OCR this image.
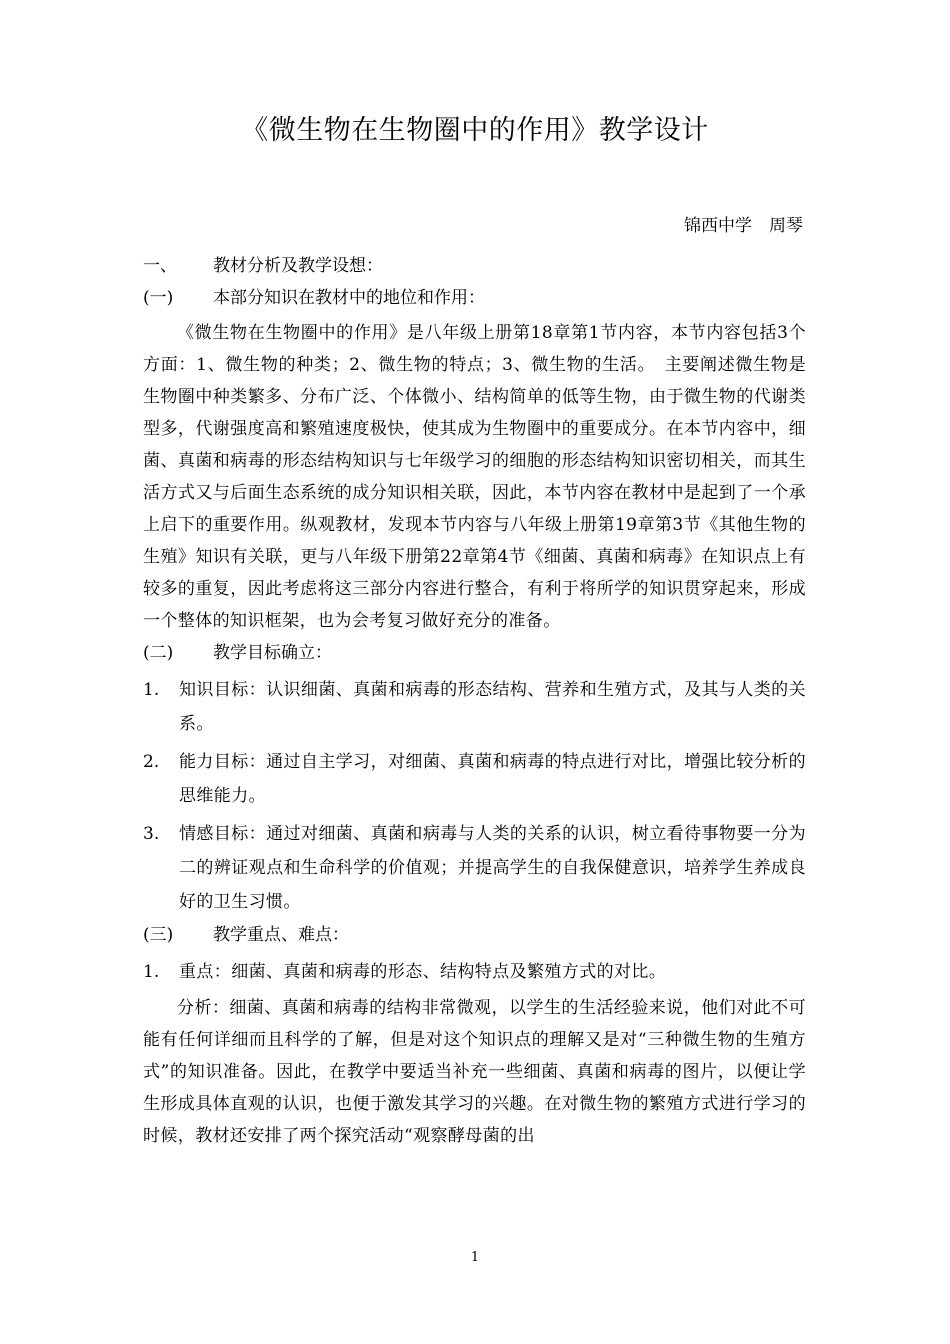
《微生物在生物圈中的作用》教学设计
锦西中学　周琴
一、	教材分析及教学设想：
(一)	本部分知识在教材中的地位和作用：

《微生物在生物圈中的作用》是八年级上册第18章第1节内容，本节内容包括3个方面：1、微生物的种类；2、微生物的特点；3、微生物的生活。　主要阐述微生物是生物圈中种类繁多、分布广泛、个体微小、结构简单的低等生物，由于微生物的代谢类型多，代谢强度高和繁殖速度极快，使其成为生物圈中的重要成分。在本节内容中，细菌、真菌和病毒的形态结构知识与七年级学习的细胞的形态结构知识密切相关，而其生活方式又与后面生态系统的成分知识相关联，因此，本节内容在教材中是起到了一个承上启下的重要作用。纵观教材，发现本节内容与八年级上册第19章第3节《其他生物的生殖》知识有关联，更与八年级下册第22章第4节《细菌、真菌和病毒》在知识点上有较多的重复，因此考虑将这三部分内容进行整合，有利于将所学的知识贯穿起来，形成一个整体的知识框架，也为会考复习做好充分的准备。

(二)	教学目标确立：
1.	知识目标：认识细菌、真菌和病毒的形态结构、营养和生殖方式，及其与人类的关系。
2.	能力目标：通过自主学习，对细菌、真菌和病毒的特点进行对比，增强比较分析的思维能力。
3.	情感目标：通过对细菌、真菌和病毒与人类的关系的认识，树立看待事物要一分为二的辨证观点和生命科学的价值观；并提高学生的自我保健意识，培养学生养成良好的卫生习惯。
(三)	教学重点、难点：
1.	重点：细菌、真菌和病毒的形态、结构特点及繁殖方式的对比。

分析：细菌、真菌和病毒的结构非常微观，以学生的生活经验来说，他们对此不可能有任何详细而且科学的了解，但是对这个知识点的理解又是对“三种微生物的生殖方式”的知识准备。因此，在教学中要适当补充一些细菌、真菌和病毒的图片，以便让学生形成具体直观的认识，也便于激发其学习的兴趣。在对微生物的繁殖方式进行学习的时候，教材还安排了两个探究活动“观察酵母菌的出

1
